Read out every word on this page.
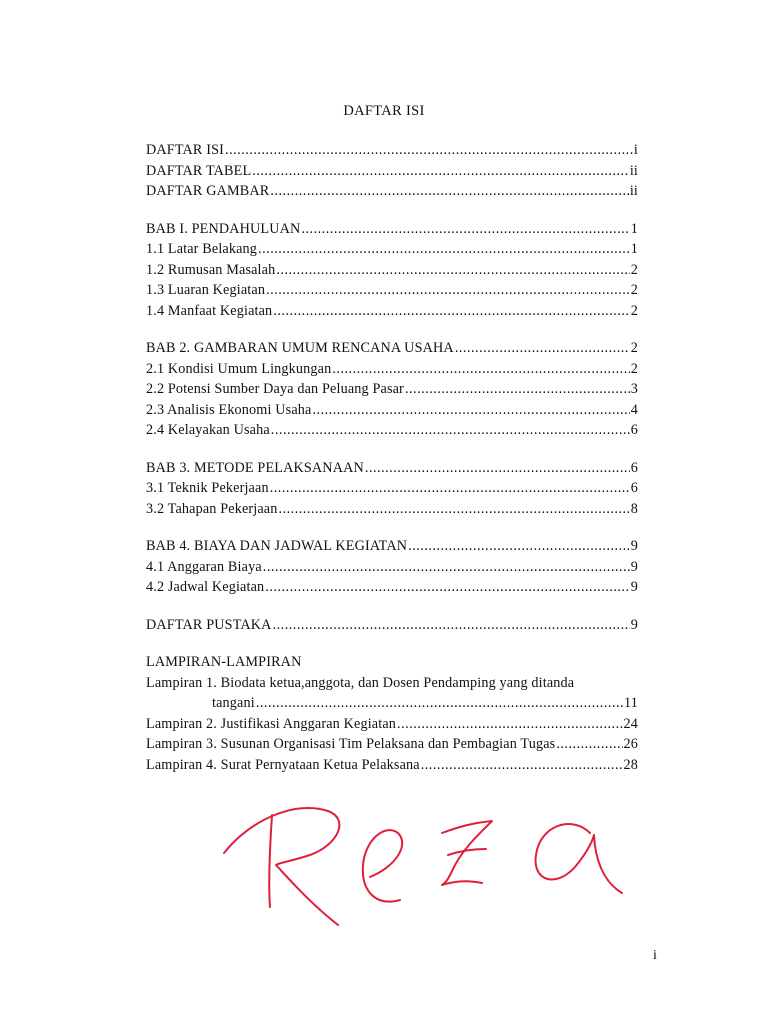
DAFTAR ISI
DAFTAR ISI .....	i
DAFTAR TABEL .....	ii
DAFTAR GAMBAR .....	ii
BAB I. PENDAHULUAN .....	1
1.1 Latar Belakang .....	1
1.2 Rumusan Masalah .....	2
1.3 Luaran Kegiatan .....	2
1.4 Manfaat Kegiatan .....	2
BAB 2. GAMBARAN UMUM RENCANA USAHA .....	2
2.1 Kondisi Umum Lingkungan .....	2
2.2 Potensi Sumber Daya dan Peluang Pasar .....	3
2.3 Analisis Ekonomi Usaha .....	4
2.4 Kelayakan Usaha .....	6
BAB 3. METODE PELAKSANAAN .....	6
3.1 Teknik Pekerjaan .....	6
3.2 Tahapan Pekerjaan .....	8
BAB 4. BIAYA DAN JADWAL KEGIATAN .....	9
4.1 Anggaran Biaya .....	9
4.2 Jadwal Kegiatan .....	9
DAFTAR PUSTAKA .....	9
LAMPIRAN-LAMPIRAN
Lampiran 1. Biodata ketua,anggota, dan Dosen Pendamping yang ditanda
tangani .....	11
Lampiran 2. Justifikasi Anggaran Kegiatan .....	24
Lampiran 3. Susunan Organisasi Tim Pelaksana dan Pembagian Tugas .....	26
Lampiran 4. Surat Pernyataan Ketua Pelaksana .....	28
i
